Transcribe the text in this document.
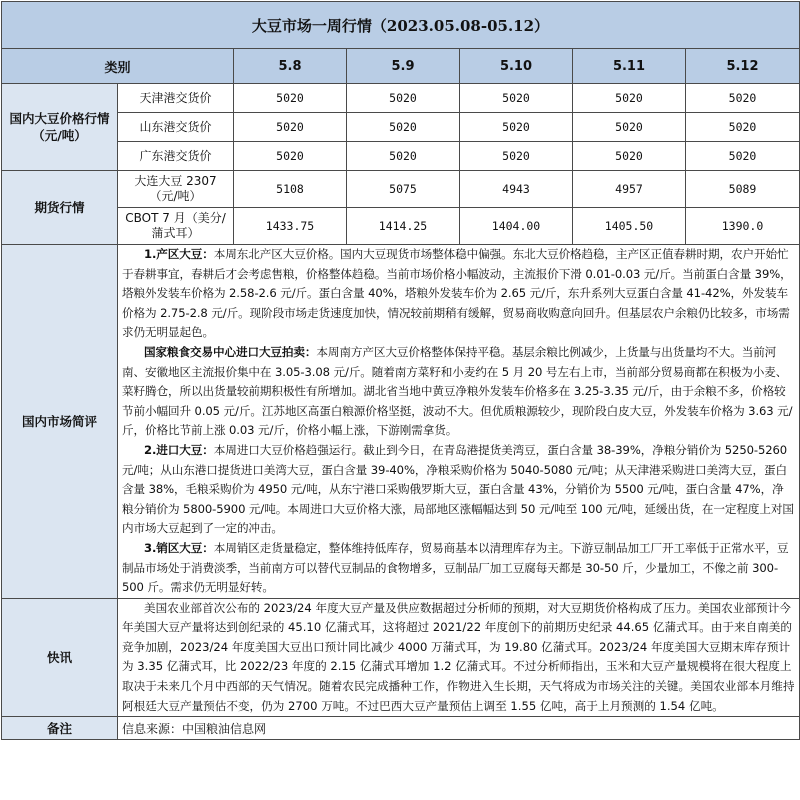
大豆市场一周行情（2023.05.08-05.12）						
类别		5.8	5.9	5.10	5.11	5.12
国内大豆价格行情（元/吨）	天津港交货价	5020	5020	5020	5020	5020
	山东港交货价	5020	5020	5020	5020	5020
	广东港交货价	5020	5020	5020	5020	5020
期货行情	大连大豆 2307（元/吨）	5108	5075	4943	4957	5089
	CBOT 7 月（美分/蒲式耳）	1433.75	1414.25	1404.00	1405.50	1390.0
国内市场简评	1.产区大豆：本周东北产区大豆价格。国内大豆现货市场整体稳中偏强。东北大豆价格趋稳，主产区正值春耕时期，农户开始忙于春耕事宜，春耕后才会考虑售粮，价格整体趋稳。当前市场价格小幅波动，主流报价下滑 0.01-0.03 元/斤。当前蛋白含量 39%，塔粮外发装车价格为 2.58-2.6 元/斤。蛋白含量 40%，塔粮外发装车价为 2.65 元/斤，东升系列大豆蛋白含量 41-42%，外发装车价格为 2.75-2.8 元/斤。现阶段市场走货速度加快，情况较前期稍有缓解，贸易商收购意向回升。但基层农户余粮仍比较多，市场需求仍无明显起色。

国家粮食交易中心进口大豆拍卖：本周南方产区大豆价格整体保持平稳。基层余粮比例减少，上货量与出货量均不大。当前河南、安徽地区主流报价集中在 3.05-3.08 元/斤。随着南方菜籽和小麦约在 5 月 20 号左右上市，当前部分贸易商都在积极为小麦、菜籽腾仓，所以出货量较前期积极性有所增加。湖北省当地中黄豆净粮外发装车价格多在 3.25-3.35 元/斤，由于余粮不多，价格较节前小幅回升 0.05 元/斤。江苏地区高蛋白粮源价格坚挺，波动不大。但优质粮源较少，现阶段白皮大豆，外发装车价格为 3.63 元/斤，价格比节前上涨 0.03 元/斤，价格小幅上涨，下游刚需拿货。

2.进口大豆：本周进口大豆价格趋强运行。截止到今日，在青岛港提货美湾豆，蛋白含量 38-39%，净粮分销价为 5250-5260 元/吨；从山东港口提货进口美湾大豆，蛋白含量 39-40%，净粮采购价格为 5040-5080 元/吨；从天津港采购进口美湾大豆，蛋白含量 38%，毛粮采购价为 4950 元/吨，从东宁港口采购俄罗斯大豆，蛋白含量 43%，分销价为 5500 元/吨，蛋白含量 47%，净粮分销价为 5800-5900 元/吨。本周进口大豆价格大涨，局部地区涨幅幅达到 50 元/吨至 100 元/吨，延缓出货，在一定程度上对国内市场大豆起到了一定的冲击。

3.销区大豆：本周销区走货量稳定，整体维持低库存，贸易商基本以清理库存为主。下游豆制品加工厂开工率低于正常水平，豆制品市场处于消费淡季，当前南方可以替代豆制品的食物增多，豆制品厂加工豆腐每天都是 30-50 斤，少量加工，不像之前 300-500 斤。需求仍无明显好转。					

快讯	美国农业部首次公布的 2023/24 年度大豆产量及供应数据超过分析师的预期，对大豆期货价格构成了压力。美国农业部预计今年美国大豆产量将达到创纪录的 45.10 亿蒲式耳，这将超过 2021/22 年度创下的前期历史纪录 44.65 亿蒲式耳。由于来自南美的竞争加剧，2023/24 年度美国大豆出口预计同比减少 4000 万蒲式耳，为 19.80 亿蒲式耳。2023/24 年度美国大豆期末库存预计为 3.35 亿蒲式耳，比 2022/23 年度的 2.15 亿蒲式耳增加 1.2 亿蒲式耳。不过分析师指出，玉米和大豆产量规模将在很大程度上取决于未来几个月中西部的天气情况。随着农民完成播种工作，作物进入生长期，天气将成为市场关注的关键。美国农业部本月维持阿根廷大豆产量预估不变，仍为 2700 万吨。不过巴西大豆产量预估上调至 1.55 亿吨，高于上月预测的 1.54 亿吨。					
备注	信息来源：中国粮油信息网					
